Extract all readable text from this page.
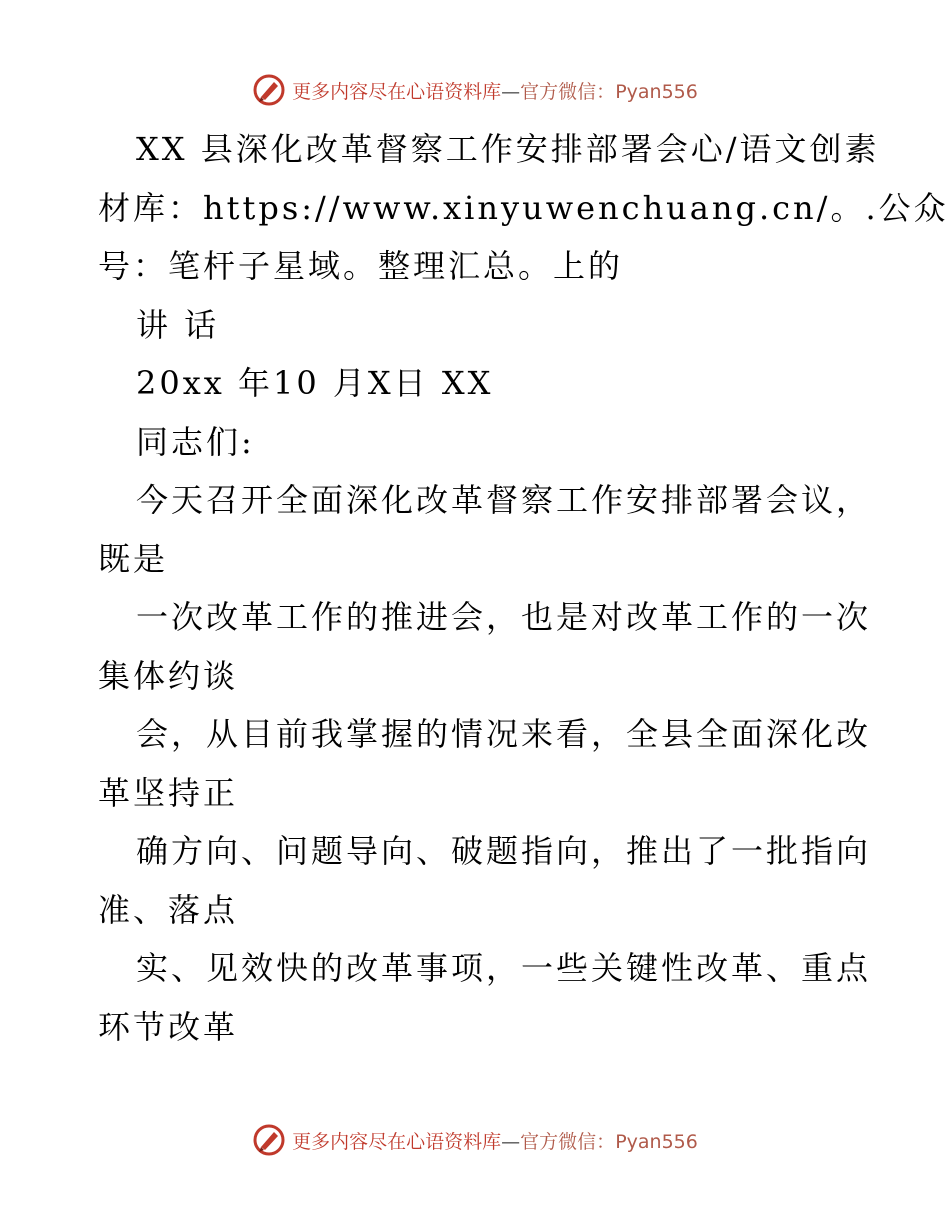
更多内容尽在心语资料库—官方微信：Pyan556
XX 县深化改革督察工作安排部署会心/语文创素
材库：https://www.xinyuwenchuang.cn/。.公众
号：笔杆子星域。整理汇总。上的
讲 话
20xx 年10 月X日 XX
同志们:
今天召开全面深化改革督察工作安排部署会议，
既是
一次改革工作的推进会，也是对改革工作的一次
集体约谈
会，从目前我掌握的情况来看，全县全面深化改
革坚持正
确方向、问题导向、破题指向，推出了一批指向
准、落点
实、见效快的改革事项，一些关键性改革、重点
环节改革
更多内容尽在心语资料库—官方微信：Pyan556
